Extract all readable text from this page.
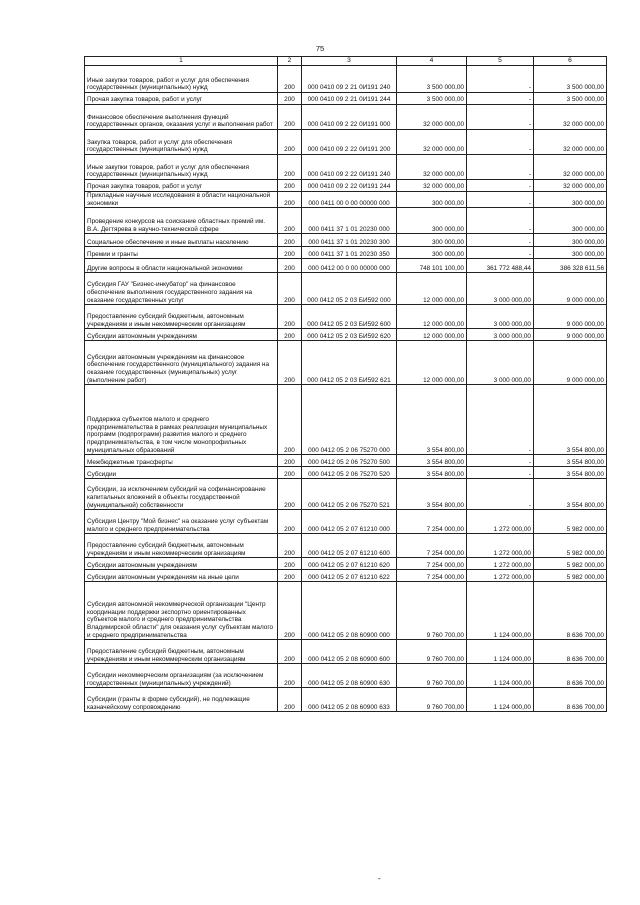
75
1	2	3	4	5	6
Иные закупки товаров, работ и услуг для обеспечения государственных (муниципальных) нужд	200	000 0410 09 2 21 0И191 240	3 500 000,00	-	3 500 000,00
Прочая закупка товаров, работ и услуг	200	000 0410 09 2 21 0И191 244	3 500 000,00	-	3 500 000,00
Финансовое обеспечение выполнения функций государственных органов, оказания услуг и выполнения работ	200	000 0410 09 2 22 0И191 000	32 000 000,00	-	32 000 000,00
Закупка товаров, работ и услуг для обеспечения государственных (муниципальных) нужд	200	000 0410 09 2 22 0И191 200	32 000 000,00	-	32 000 000,00
Иные закупки товаров, работ и услуг для обеспечения государственных (муниципальных) нужд	200	000 0410 09 2 22 0И191 240	32 000 000,00	-	32 000 000,00
Прочая закупка товаров, работ и услуг	200	000 0410 09 2 22 0И191 244	32 000 000,00	-	32 000 000,00
Прикладные научные исследования в области национальной экономики	200	000 0411 00 0 00 00000 000	300 000,00	-	300 000,00
Проведение конкурсов на соискание областных премий им. В.А. Дегтярева в научно-технической сфере	200	000 0411 37 1 01 20230 000	300 000,00	-	300 000,00
Социальное обеспечение и иные выплаты населению	200	000 0411 37 1 01 20230 300	300 000,00	-	300 000,00
Премии и гранты	200	000 0411 37 1 01 20230 350	300 000,00	-	300 000,00
Другие вопросы в области национальной экономики	200	000 0412 00 0 00 00000 000	748 101 100,00	361 772 488,44	386 328 611,56
Субсидия ГАУ "Бизнес-инкубатор" на финансовое обеспечение выполнения государственного задания на оказание государственных услуг	200	000 0412 05 2 03 БИ592 000	12 000 000,00	3 000 000,00	9 000 000,00
Предоставление субсидий бюджетным, автономным учреждениям и иным некоммерческим организациям	200	000 0412 05 2 03 БИ592 600	12 000 000,00	3 000 000,00	9 000 000,00
Субсидии автономным учреждениям	200	000 0412 05 2 03 БИ592 620	12 000 000,00	3 000 000,00	9 000 000,00
Субсидии автономным учреждениям на финансовое обеспечение государственного (муниципального) задания на оказание государственных (муниципальных) услуг (выполнение работ)	200	000 0412 05 2 03 БИ592 621	12 000 000,00	3 000 000,00	9 000 000,00
Поддержка субъектов малого и среднего предпринимательства в рамках реализации муниципальных программ (подпрограмм) развития малого и среднего предпринимательства, в том числе монопрофильных муниципальных образований	200	000 0412 05 2 06 75270 000	3 554 800,00	-	3 554 800,00
Межбюджетные трансферты	200	000 0412 05 2 06 75270 500	3 554 800,00	-	3 554 800,00
Субсидии	200	000 0412 05 2 06 75270 520	3 554 800,00	-	3 554 800,00
Субсидии, за исключением субсидий на софинансирование капитальных вложений в объекты государственной (муниципальной) собственности	200	000 0412 05 2 06 75270 521	3 554 800,00	-	3 554 800,00
Субсидия Центру "Мой бизнес" на оказание услуг субъектам малого и среднего предпринимательства	200	000 0412 05 2 07 61210 000	7 254 000,00	1 272 000,00	5 982 000,00
Предоставление субсидий бюджетным, автономным учреждениям и иным некоммерческим организациям	200	000 0412 05 2 07 61210 600	7 254 000,00	1 272 000,00	5 982 000,00
Субсидии автономным учреждениям	200	000 0412 05 2 07 61210 620	7 254 000,00	1 272 000,00	5 982 000,00
Субсидии автономным учреждениям на иные цели	200	000 0412 05 2 07 61210 622	7 254 000,00	1 272 000,00	5 982 000,00
Субсидия автономной некоммерческой организации "Центр координации поддержки экспортно ориентированных субъектов малого и среднего предпринимательства Владимирской области" для оказания услуг субъектам малого и среднего предпринимательства	200	000 0412 05 2 08 60900 000	9 760 700,00	1 124 000,00	8 636 700,00
Предоставление субсидий бюджетным, автономным учреждениям и иным некоммерческим организациям	200	000 0412 05 2 08 60900 600	9 760 700,00	1 124 000,00	8 636 700,00
Субсидии некоммерческим организациям (за исключением государственных (муниципальных) учреждений)	200	000 0412 05 2 08 60900 630	9 760 700,00	1 124 000,00	8 636 700,00
Субсидии (гранты в форме субсидий), не подлежащие казначейскому сопровождению	200	000 0412 05 2 08 60900 633	9 760 700,00	1 124 000,00	8 636 700,00
-
